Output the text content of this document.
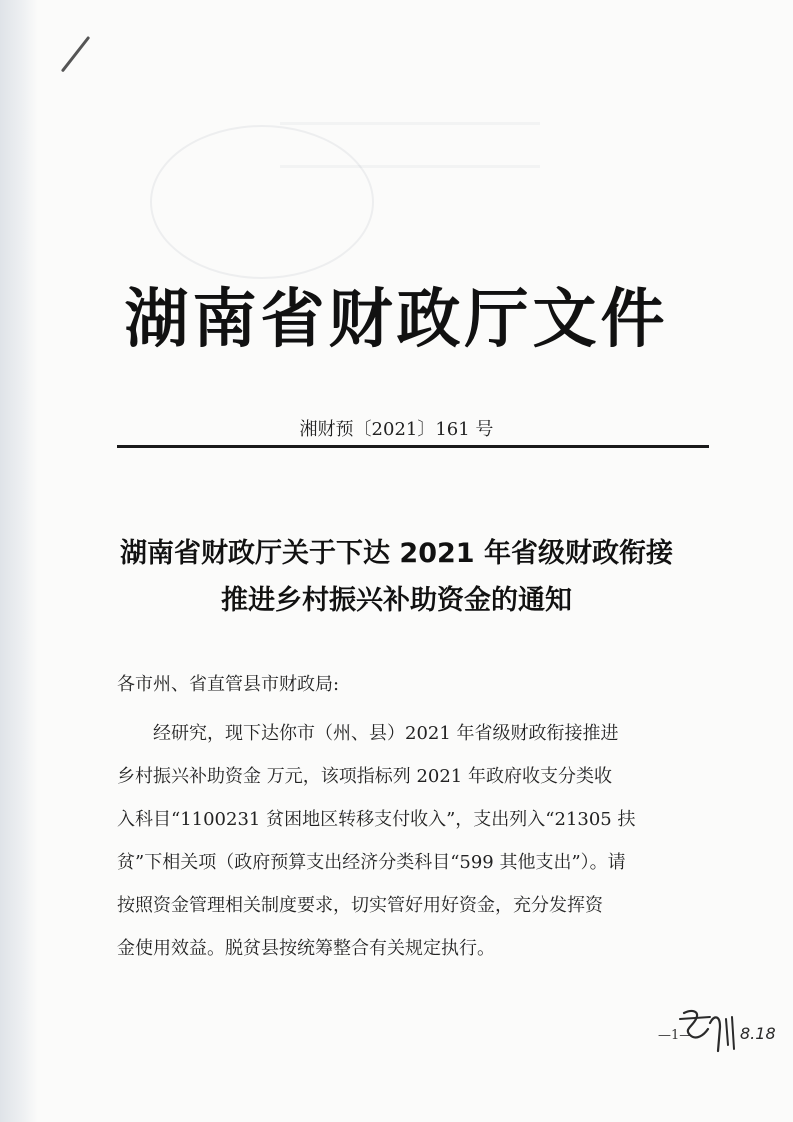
湖南省财政厅文件
湘财预〔2021〕161 号
湖南省财政厅关于下达 2021 年省级财政衔接
推进乡村振兴补助资金的通知
各市州、省直管县市财政局:
经研究，现下达你市（州、县）2021 年省级财政衔接推进
乡村振兴补助资金 万元，该项指标列 2021 年政府收支分类收
入科目“1100231 贫困地区转移支付收入”，支出列入“21305 扶
贫”下相关项（政府预算支出经济分类科目“599 其他支出”）。请
按照资金管理相关制度要求，切实管好用好资金，充分发挥资
金使用效益。脱贫县按统筹整合有关规定执行。
—1—	8.18
